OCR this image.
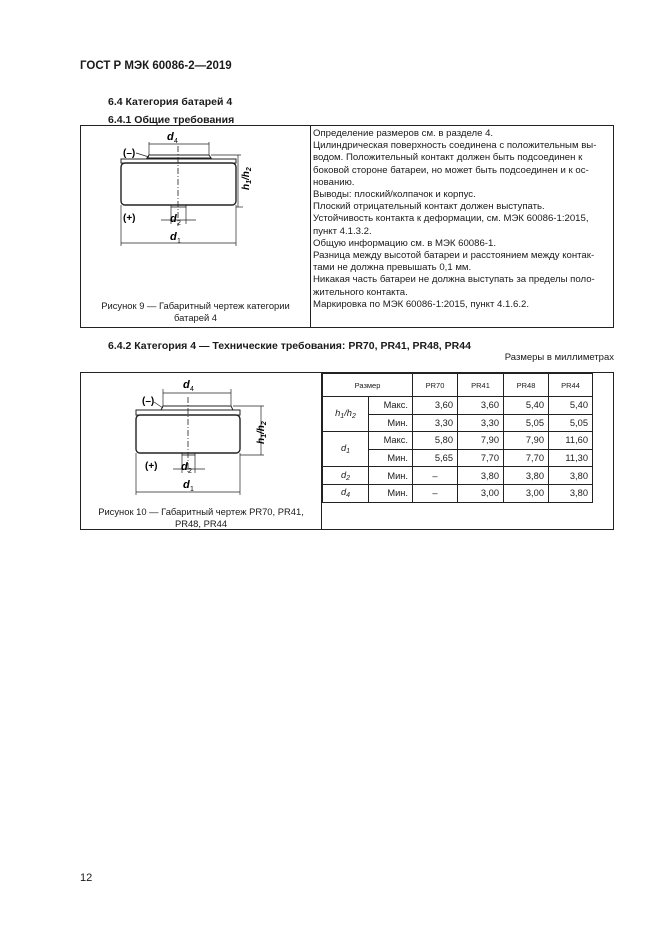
ГОСТ Р МЭК 60086-2—2019
6.4 Категория батарей 4
6.4.1 Общие требования
d 4
(–)
$h_1/h_2$
(+)	d 2
d 1
Рисунок 9 — Габаритный чертеж категории
батарей 4

Определение размеров см. в разделе 4.

Цилиндрическая поверхность соединена с положительным вы-

водом. Положительный контакт должен быть подсоединен к

боковой стороне батареи, но может быть подсоединен и к ос-

нованию.

Выводы: плоский/колпачок и корпус.

Плоский отрицательный контакт должен выступать.

Устойчивость контакта к деформации, см. МЭК 60086-1:2015,

пункт 4.1.3.2.

Общую информацию см. в МЭК 60086-1.

Разница между высотой батареи и расстоянием между контак-

тами не должна превышать 0,1 мм.

Никакая часть батареи не должна выступать за пределы поло-

жительного контакта.

Маркировка по МЭК 60086-1:2015, пункт 4.1.6.2.

6.4.2 Категория 4 — Технические требования: PR70, PR41, PR48, PR44
Размеры в миллиметрах
d 4
(–)
$h_1/h_2$
(+) d 2
d 1
Рисунок 10 — Габаритный чертеж PR70, PR41,
PR48, PR44
Размер		PR70	PR41	PR48	PR44
$h_1/h_2$	Макс.	3,60	3,60	5,40	5,40
	Мин.	3,30	3,30	5,05	5,05
$d_1$	Макс.	5,80	7,90	7,90	11,60
	Мин.	5,65	7,70	7,70	11,30
$d_2$	Мин.	–	3,80	3,80	3,80
$d_4$	Мин.	–	3,00	3,00	3,80
12
